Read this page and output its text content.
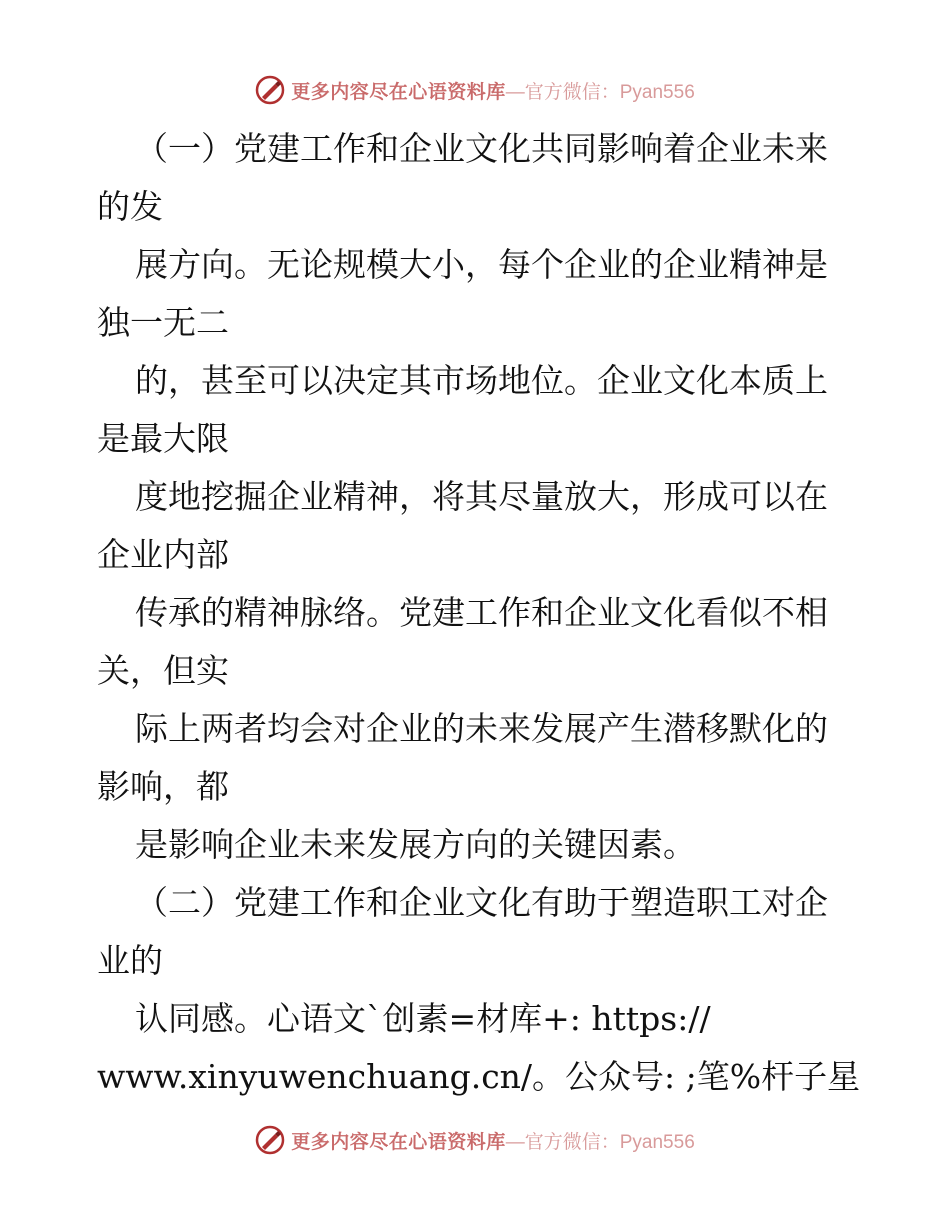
更多内容尽在心语资料库 —官方微信：Pyan556
（一）党建工作和企业文化共同影响着企业未来
的发
展方向。无论规模大小，每个企业的企业精神是
独一无二
的，甚至可以决定其市场地位。企业文化本质上
是最大限
度地挖掘企业精神，将其尽量放大，形成可以在
企业内部
传承的精神脉络。党建工作和企业文化看似不相
关，但实
际上两者均会对企业的未来发展产生潜移默化的
影响，都
是影响企业未来发展方向的关键因素。
（二）党建工作和企业文化有助于塑造职工对企
业的
认同感。心语文`创素=材库+: https://
www.xinyuwenchuang.cn/。公众号: ;笔%杆子星
更多内容尽在心语资料库 —官方微信：Pyan556
